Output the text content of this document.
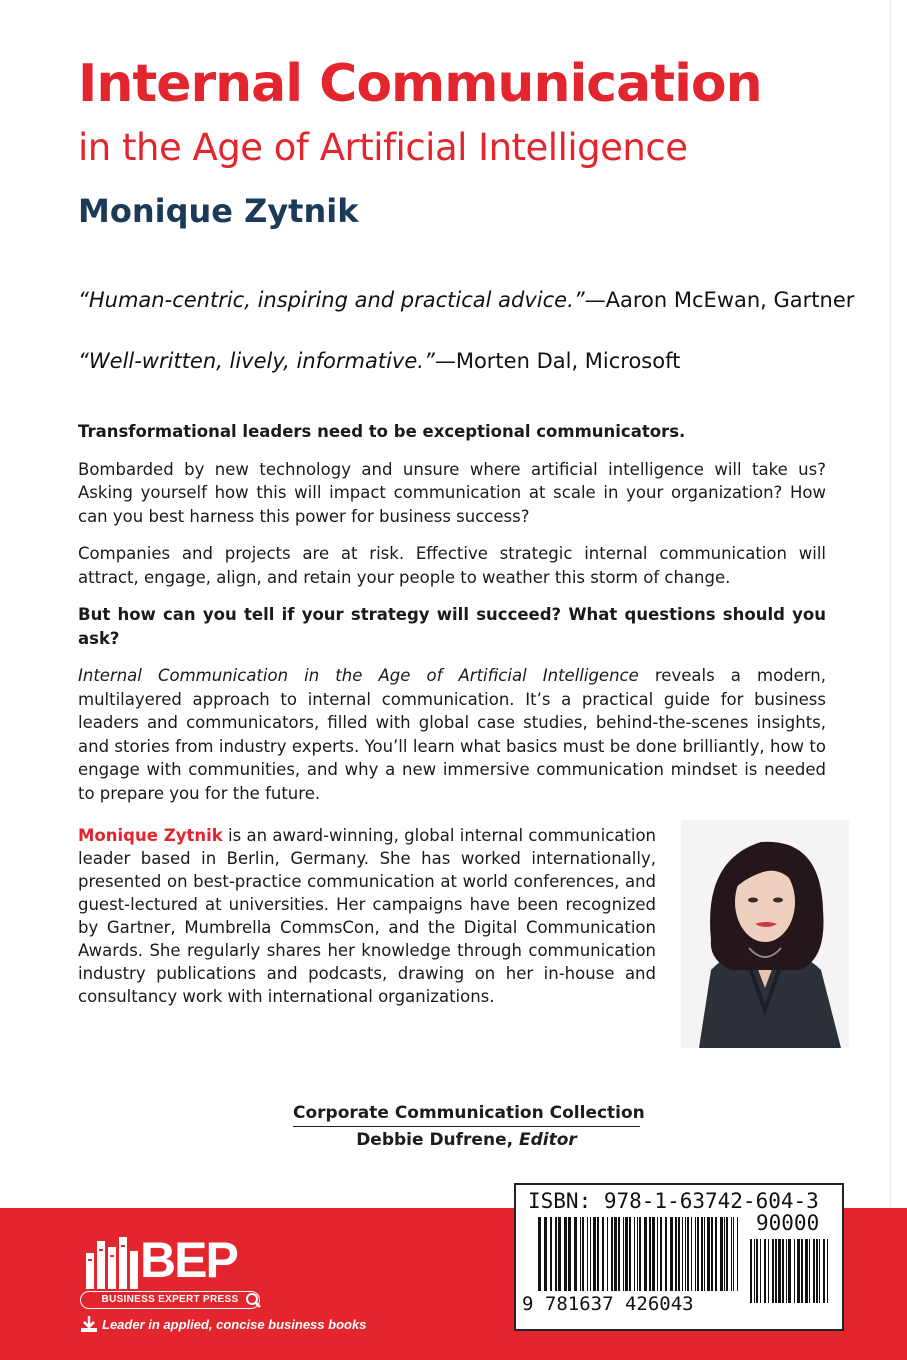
Internal Communication
in the Age of Artificial Intelligence
Monique Zytnik
“Human-centric, inspiring and practical advice.”—Aaron McEwan, Gartner
“Well-written, lively, informative.”—Morten Dal, Microsoft

Transformational leaders need to be exceptional communicators.

Bombarded by new technology and unsure where artificial intelligence will take us? Asking yourself how this will impact communication at scale in your organization? How can you best harness this power for business success?

Companies and projects are at risk. Effective strategic internal communication will attract, engage, align, and retain your people to weather this storm of change.

But how can you tell if your strategy will succeed? What questions should you ask?

Internal Communication in the Age of Artificial Intelligence reveals a modern, multilayered approach to internal communication. It’s a practical guide for business leaders and communicators, filled with global case studies, behind-the-scenes insights, and stories from industry experts. You’ll learn what basics must be done brilliantly, how to engage with communities, and why a new immersive communication mindset is needed to prepare you for the future.

Monique Zytnik is an award-winning, global internal communication leader based in Berlin, Germany. She has worked internationally, presented on best-practice communication at world conferences, and guest-lectured at universities. Her campaigns have been recognized by Gartner, Mumbrella CommsCon, and the Digital Communication Awards. She regularly shares her knowledge through communication industry publications and podcasts, drawing on her in-house and consultancy work with international organizations.
Corporate Communication Collection
Debbie Dufrene, Editor
BEP
BUSINESS EXPERT PRESS
Leader in applied, concise business books
ISBN: 978-1-63742-604-3
90000
9 781637 426043
